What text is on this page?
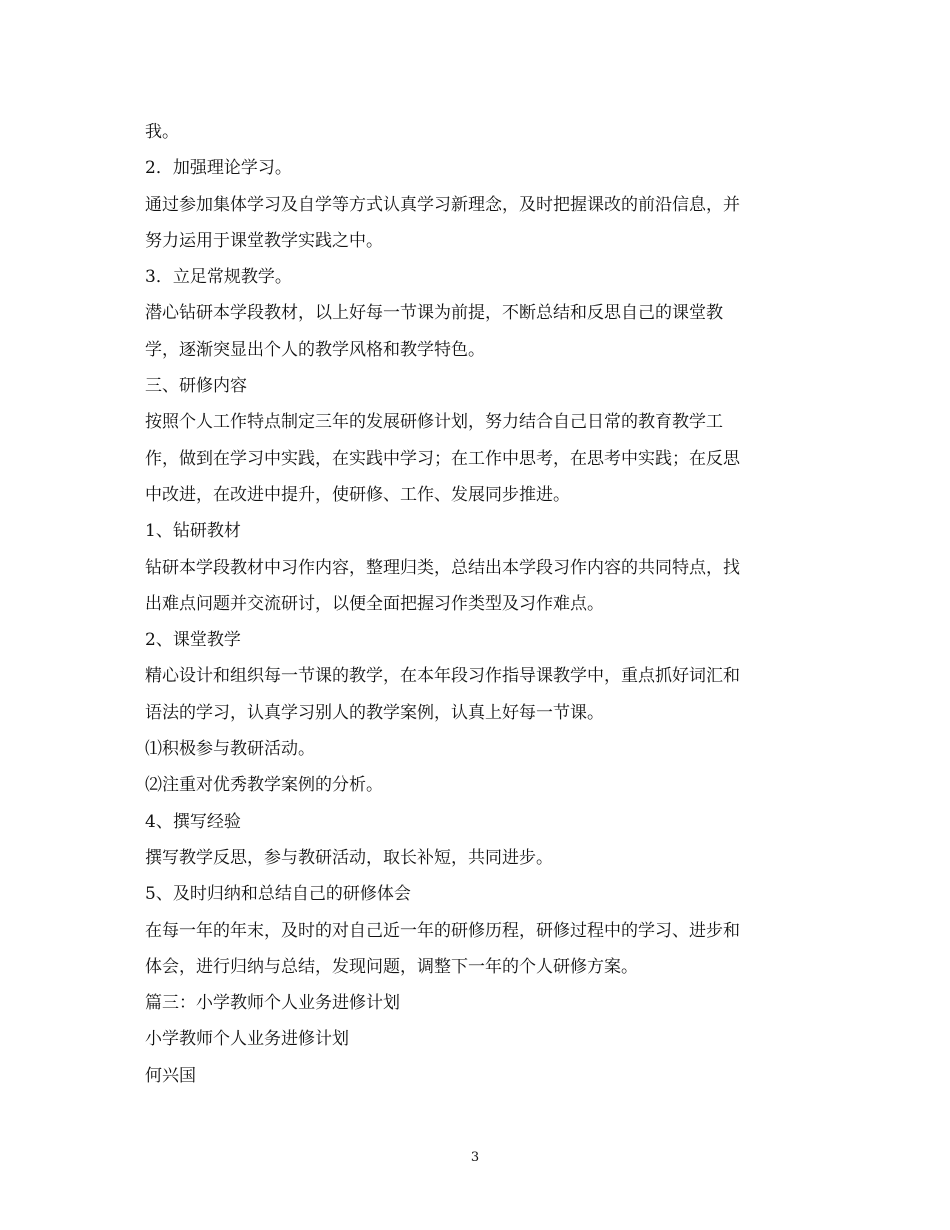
我。
2．加强理论学习。
通过参加集体学习及自学等方式认真学习新理念，及时把握课改的前沿信息，并
努力运用于课堂教学实践之中。
3．立足常规教学。
潜心钻研本学段教材，以上好每一节课为前提，不断总结和反思自己的课堂教
学，逐渐突显出个人的教学风格和教学特色。
三、研修内容
按照个人工作特点制定三年的发展研修计划，努力结合自己日常的教育教学工
作，做到在学习中实践，在实践中学习；在工作中思考，在思考中实践；在反思
中改进，在改进中提升，使研修、工作、发展同步推进。
1、钻研教材
钻研本学段教材中习作内容，整理归类，总结出本学段习作内容的共同特点，找
出难点问题并交流研讨，以便全面把握习作类型及习作难点。
2、课堂教学
精心设计和组织每一节课的教学，在本年段习作指导课教学中，重点抓好词汇和
语法的学习，认真学习别人的教学案例，认真上好每一节课。
⑴积极参与教研活动。
⑵注重对优秀教学案例的分析。
4、撰写经验
撰写教学反思，参与教研活动，取长补短，共同进步。
5、及时归纳和总结自己的研修体会
在每一年的年末，及时的对自己近一年的研修历程，研修过程中的学习、进步和
体会，进行归纳与总结，发现问题，调整下一年的个人研修方案。
篇三：小学教师个人业务进修计划
小学教师个人业务进修计划
何兴国
3
